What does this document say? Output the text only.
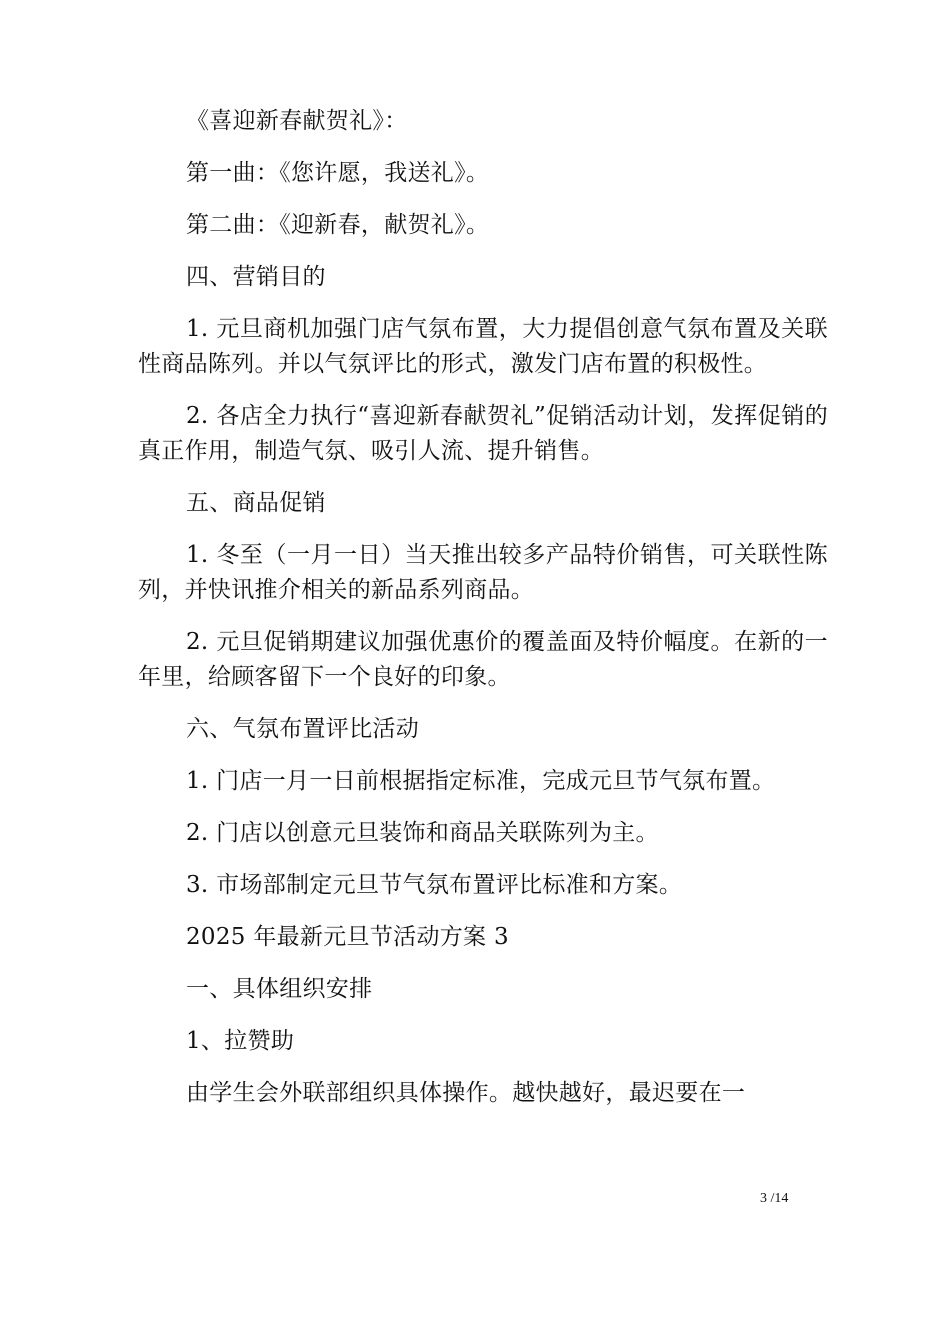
《喜迎新春献贺礼》：

第一曲：《您许愿，我送礼》。

第二曲：《迎新春，献贺礼》。

四、营销目的

1. 元旦商机加强门店气氛布置，大力提倡创意气氛布置及关联性商品陈列。并以气氛评比的形式，激发门店布置的积极性。

2. 各店全力执行“喜迎新春献贺礼”促销活动计划，发挥促销的真正作用，制造气氛、吸引人流、提升销售。

五、商品促销

1. 冬至（一月一日）当天推出较多产品特价销售，可关联性陈列，并快讯推介相关的新品系列商品。

2. 元旦促销期建议加强优惠价的覆盖面及特价幅度。在新的一年里，给顾客留下一个良好的印象。

六、气氛布置评比活动

1. 门店一月一日前根据指定标准，完成元旦节气氛布置。

2. 门店以创意元旦装饰和商品关联陈列为主。

3. 市场部制定元旦节气氛布置评比标准和方案。

2025 年最新元旦节活动方案 3

一、具体组织安排

1、拉赞助

由学生会外联部组织具体操作。越快越好，最迟要在一

3 /14
